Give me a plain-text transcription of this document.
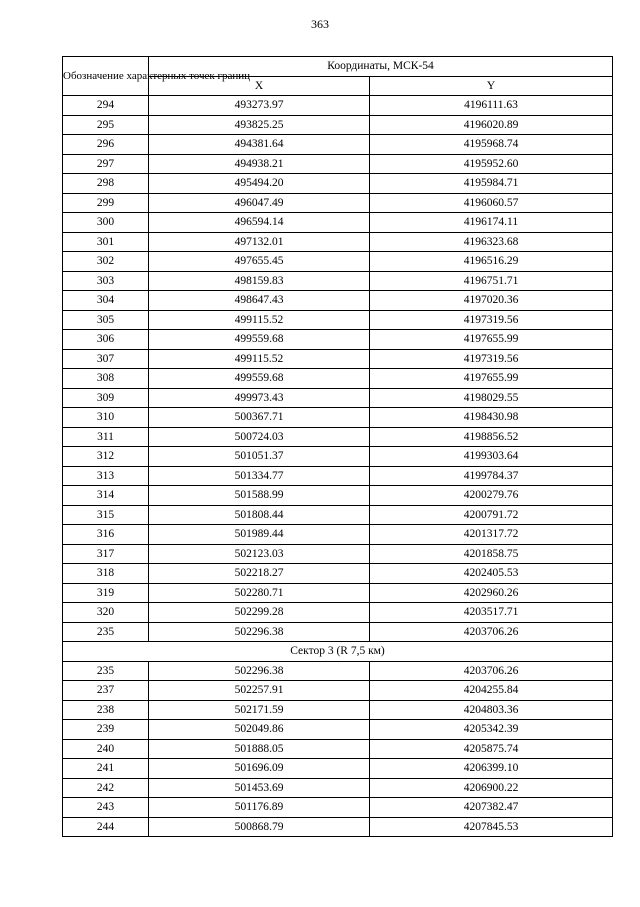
363
Обозначение характерных точек границ	Координаты, МСК-54	
	X	Y
294	493273.97	4196111.63
295	493825.25	4196020.89
296	494381.64	4195968.74
297	494938.21	4195952.60
298	495494.20	4195984.71
299	496047.49	4196060.57
300	496594.14	4196174.11
301	497132.01	4196323.68
302	497655.45	4196516.29
303	498159.83	4196751.71
304	498647.43	4197020.36
305	499115.52	4197319.56
306	499559.68	4197655.99
307	499115.52	4197319.56
308	499559.68	4197655.99
309	499973.43	4198029.55
310	500367.71	4198430.98
311	500724.03	4198856.52
312	501051.37	4199303.64
313	501334.77	4199784.37
314	501588.99	4200279.76
315	501808.44	4200791.72
316	501989.44	4201317.72
317	502123.03	4201858.75
318	502218.27	4202405.53
319	502280.71	4202960.26
320	502299.28	4203517.71
235	502296.38	4203706.26
Сектор 3 (R 7,5 км)		
235	502296.38	4203706.26
237	502257.91	4204255.84
238	502171.59	4204803.36
239	502049.86	4205342.39
240	501888.05	4205875.74
241	501696.09	4206399.10
242	501453.69	4206900.22
243	501176.89	4207382.47
244	500868.79	4207845.53
